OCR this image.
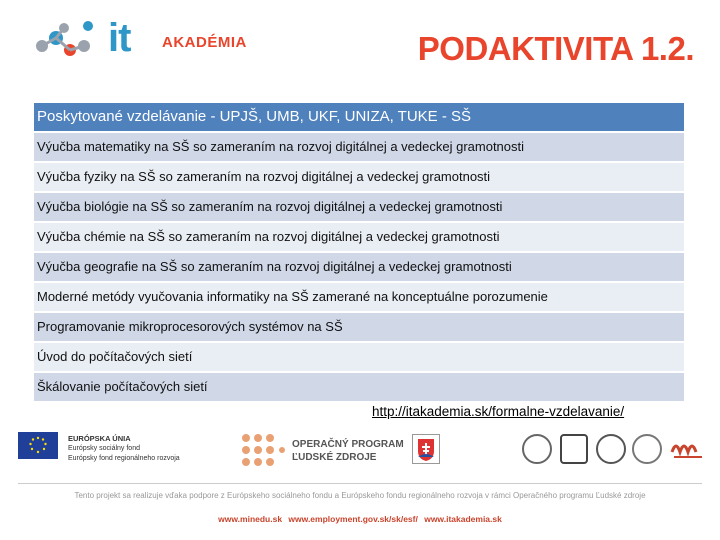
it AKADÉMIA	PODAKTIVITA 1.2.
Poskytované vzdelávanie - UPJŠ, UMB, UKF, UNIZA, TUKE - SŠ
Výučba matematiky na SŠ so zameraním na rozvoj digitálnej a vedeckej gramotnosti
Výučba fyziky na SŠ so zameraním na rozvoj digitálnej a vedeckej gramotnosti
Výučba biológie na SŠ so zameraním na rozvoj digitálnej a vedeckej gramotnosti
Výučba chémie na SŠ so zameraním na rozvoj digitálnej a vedeckej gramotnosti
Výučba geografie na SŠ so zameraním na rozvoj digitálnej a vedeckej gramotnosti
Moderné metódy vyučovania informatiky na SŠ zamerané na konceptuálne porozumenie
Programovanie mikroprocesorových systémov na SŠ
Úvod do počítačových sietí
Škálovanie počítačových sietí
http://itakademia.sk/formalne-vzdelavanie/
EURÓPSKA ÚNIA
Európsky sociálny fond
Európsky fond regionálneho rozvoja
OPERAČNÝ PROGRAM
ĽUDSKÉ ZDROJE
Tento projekt sa realizuje vďaka podpore z Európskeho sociálneho fondu a Európskeho fondu regionálneho rozvoja v rámci Operačného programu Ľudské zdroje
www.minedu.sk www.employment.gov.sk/sk/esf/ www.itakademia.sk
